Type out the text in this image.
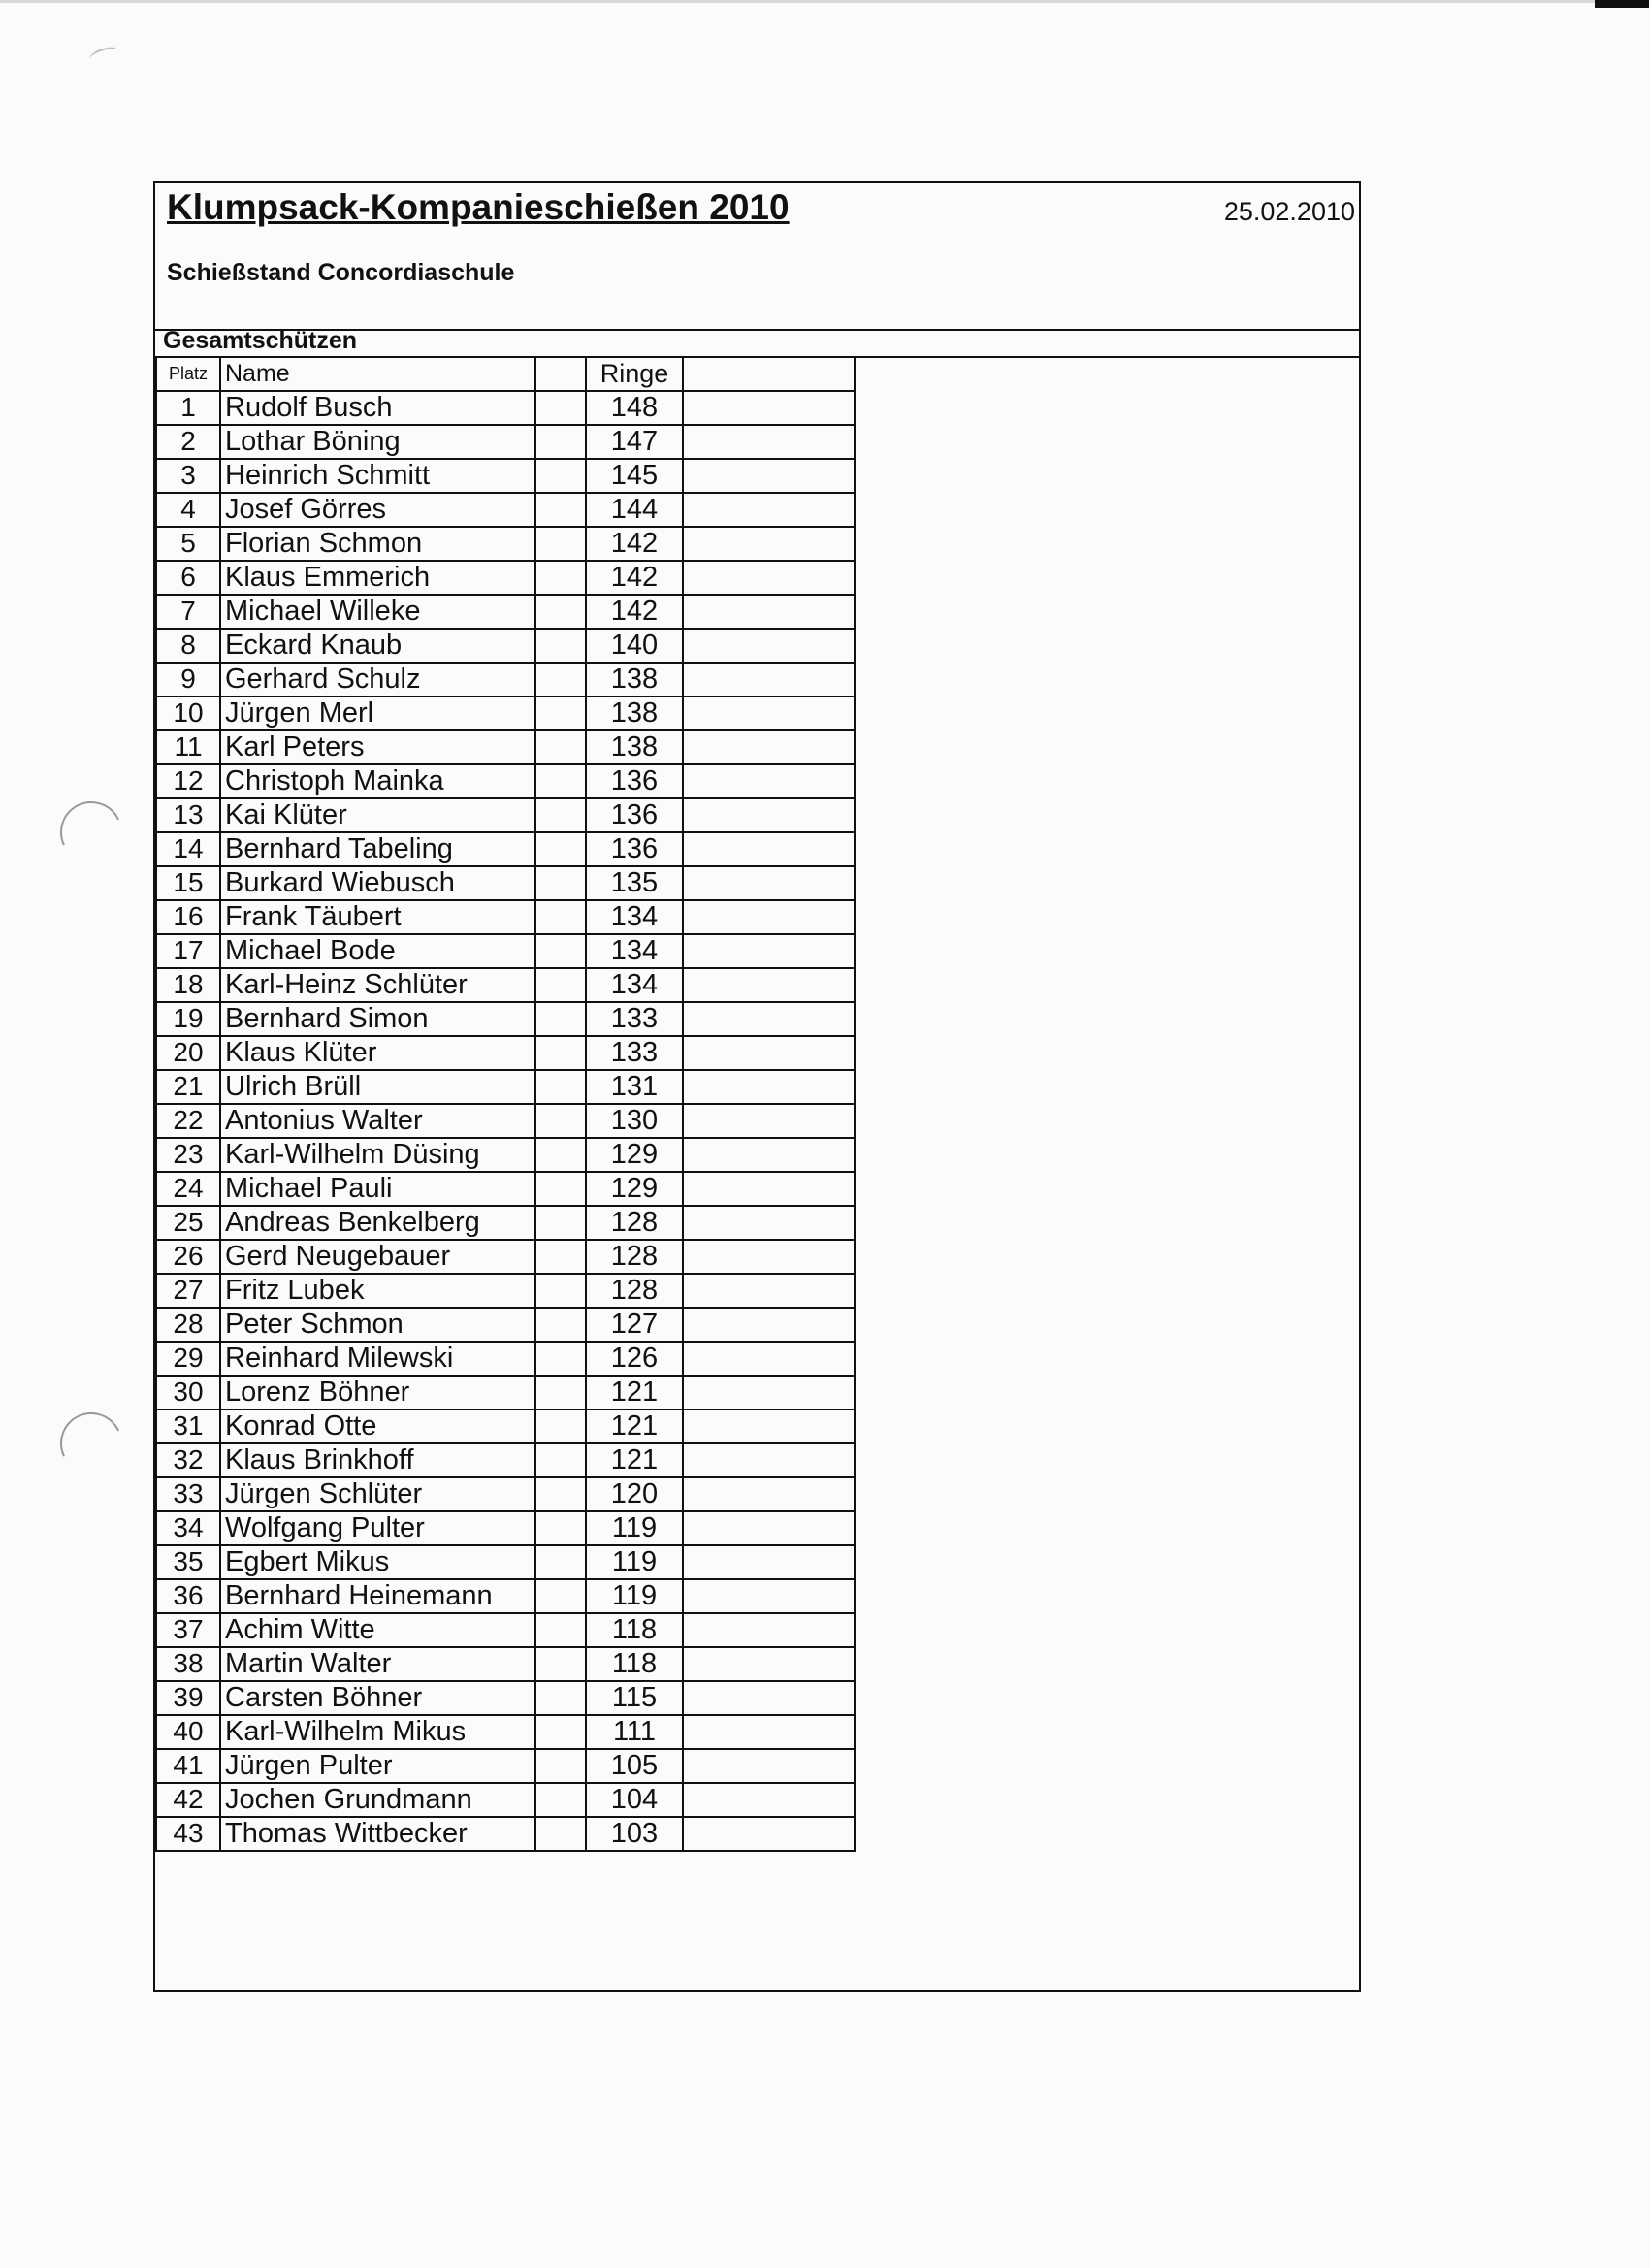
Klumpsack-Kompanieschießen 2010	25.02.2010
Schießstand Concordiaschule
Gesamtschützen
Platz	Name		Ringe	
1	Rudolf Busch		148	
2	Lothar Böning		147	
3	Heinrich Schmitt		145	
4	Josef Görres		144	
5	Florian Schmon		142	
6	Klaus Emmerich		142	
7	Michael Willeke		142	
8	Eckard Knaub		140	
9	Gerhard Schulz		138	
10	Jürgen Merl		138	
11	Karl Peters		138	
12	Christoph Mainka		136	
13	Kai Klüter		136	
14	Bernhard Tabeling		136	
15	Burkard Wiebusch		135	
16	Frank Täubert		134	
17	Michael Bode		134	
18	Karl-Heinz Schlüter		134	
19	Bernhard Simon		133	
20	Klaus Klüter		133	
21	Ulrich Brüll		131	
22	Antonius Walter		130	
23	Karl-Wilhelm Düsing		129	
24	Michael Pauli		129	
25	Andreas Benkelberg		128	
26	Gerd Neugebauer		128	
27	Fritz Lubek		128	
28	Peter Schmon		127	
29	Reinhard Milewski		126	
30	Lorenz Böhner		121	
31	Konrad Otte		121	
32	Klaus Brinkhoff		121	
33	Jürgen Schlüter		120	
34	Wolfgang Pulter		119	
35	Egbert Mikus		119	
36	Bernhard Heinemann		119	
37	Achim Witte		118	
38	Martin Walter		118	
39	Carsten Böhner		115	
40	Karl-Wilhelm Mikus		111	
41	Jürgen Pulter		105	
42	Jochen Grundmann		104	
43	Thomas Wittbecker		103	
